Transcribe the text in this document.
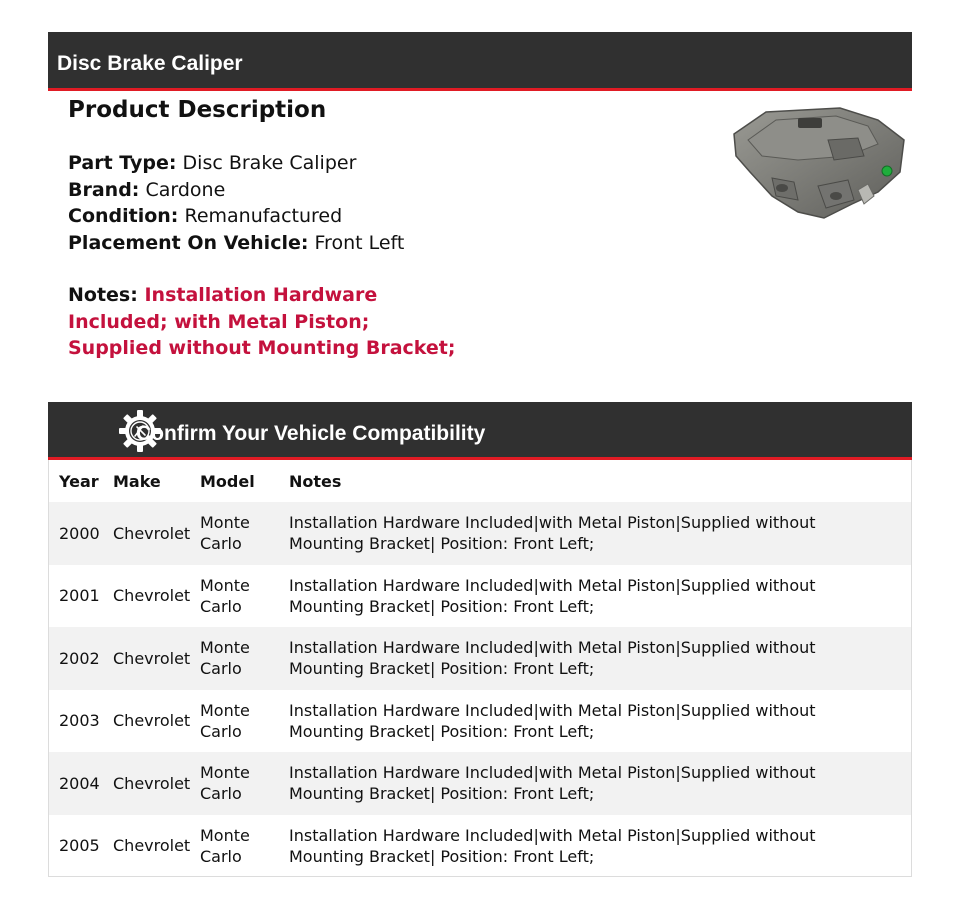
Disc Brake Caliper
Product Description
Part Type: Disc Brake Caliper
Brand: Cardone
Condition: Remanufactured
Placement On Vehicle: Front Left
Notes: Installation Hardware Included; with Metal Piston; Supplied without Mounting Bracket;
Confirm Your Vehicle Compatibility
Year	Make	Model	Notes
2000	Chevrolet	Monte Carlo	Installation Hardware Included|with Metal Piston|Supplied without Mounting Bracket| Position: Front Left;
2001	Chevrolet	Monte Carlo	Installation Hardware Included|with Metal Piston|Supplied without Mounting Bracket| Position: Front Left;
2002	Chevrolet	Monte Carlo	Installation Hardware Included|with Metal Piston|Supplied without Mounting Bracket| Position: Front Left;
2003	Chevrolet	Monte Carlo	Installation Hardware Included|with Metal Piston|Supplied without Mounting Bracket| Position: Front Left;
2004	Chevrolet	Monte Carlo	Installation Hardware Included|with Metal Piston|Supplied without Mounting Bracket| Position: Front Left;
2005	Chevrolet	Monte Carlo	Installation Hardware Included|with Metal Piston|Supplied without Mounting Bracket| Position: Front Left;
